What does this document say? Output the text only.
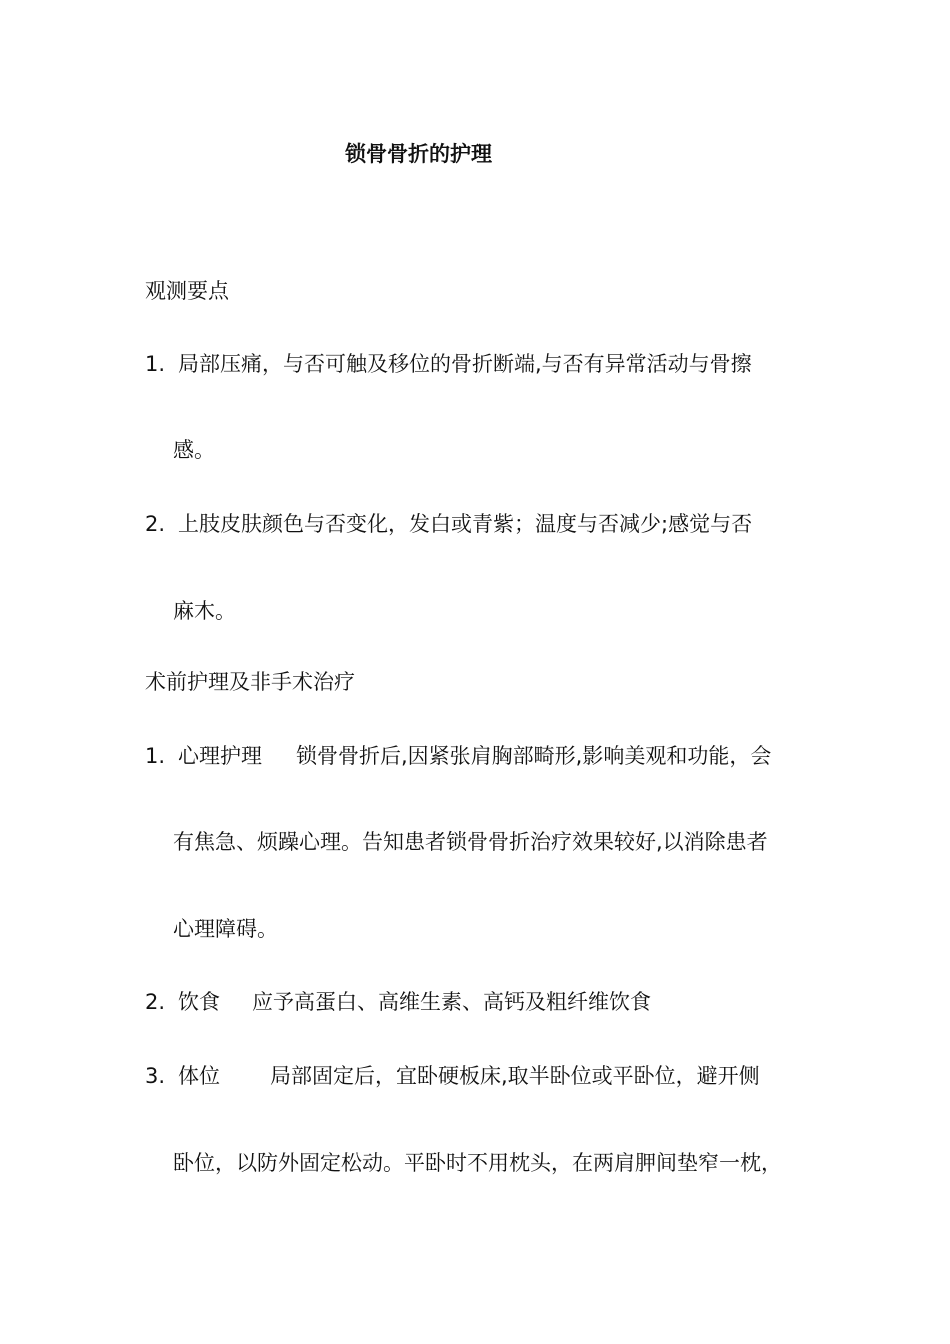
锁骨骨折的护理
观测要点
1. 局部压痛，与否可触及移位的骨折断端,与否有异常活动与骨擦
感。
2. 上肢皮肤颜色与否变化，发白或青紫；温度与否减少;感觉与否
麻木。
术前护理及非手术治疗
1. 心理护理 锁骨骨折后,因紧张肩胸部畸形,影响美观和功能，会
有焦急、烦躁心理。告知患者锁骨骨折治疗效果较好,以消除患者
心理障碍。
2. 饮食 应予高蛋白、高维生素、高钙及粗纤维饮食
3. 体位 局部固定后，宜卧硬板床,取半卧位或平卧位，避开侧
卧位，以防外固定松动。平卧时不用枕头，在两肩胛间垫窄一枕，
